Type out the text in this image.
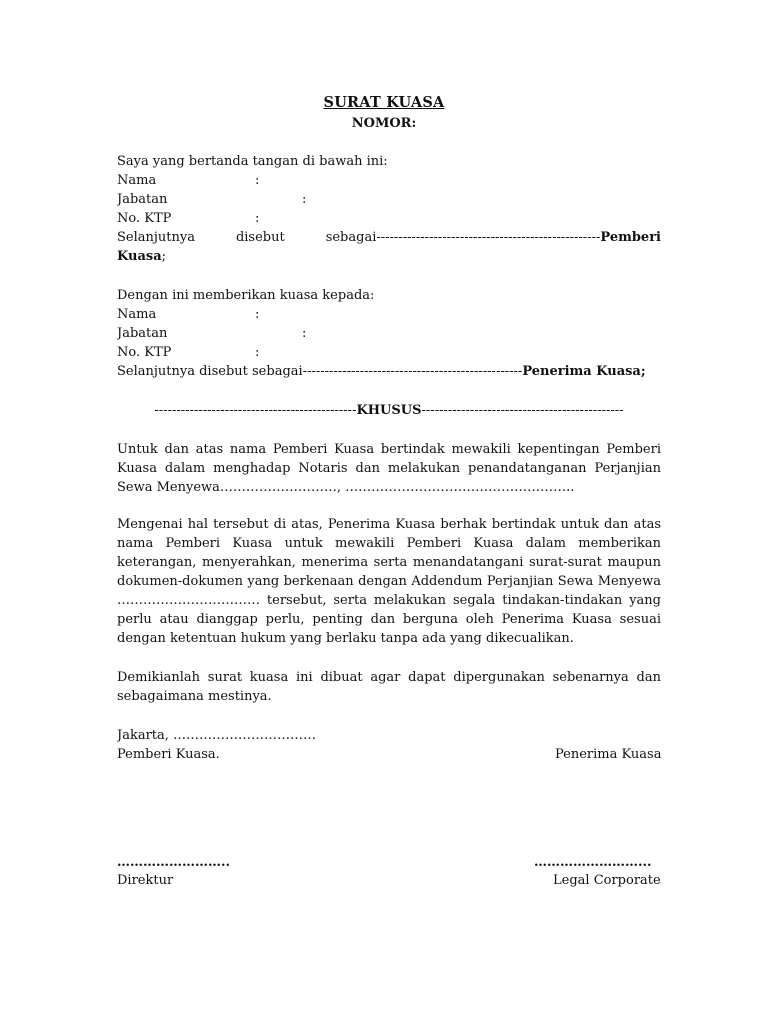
SURAT KUASA
NOMOR:
Saya yang bertanda tangan di bawah ini:
Nama	:
Jabatan	:
No. KTP	:
Selanjutnya disebut sebagai---------------------------------------------------Pemberi
Kuasa;
Dengan ini memberikan kuasa kepada:
Nama	:
Jabatan	:
No. KTP	:
Selanjutnya disebut sebagai--------------------------------------------------Penerima Kuasa;
----------------------------------------------KHUSUS----------------------------------------------
Untuk dan atas nama Pemberi Kuasa bertindak mewakili kepentingan Pemberi Kuasa dalam menghadap Notaris dan melakukan penandatanganan Perjanjian Sewa Menyewa………………………, ……………………………………………..
Mengenai hal tersebut di atas, Penerima Kuasa berhak bertindak untuk dan atas nama Pemberi Kuasa untuk mewakili Pemberi Kuasa dalam memberikan keterangan, menyerahkan, menerima serta menandatangani surat-surat maupun dokumen-dokumen yang berkenaan dengan Addendum Perjanjian Sewa Menyewa …………………………… tersebut, serta melakukan segala tindakan-tindakan yang perlu atau dianggap perlu, penting dan berguna oleh Penerima Kuasa sesuai dengan ketentuan hukum yang berlaku tanpa ada yang dikecualikan.
Demikianlah surat kuasa ini dibuat agar dapat dipergunakan sebenarnya dan sebagaimana mestinya.
Jakarta, ……………………………
Pemberi Kuasa.	Penerima Kuasa
……………………..	……………………...
Direktur	Legal Corporate
